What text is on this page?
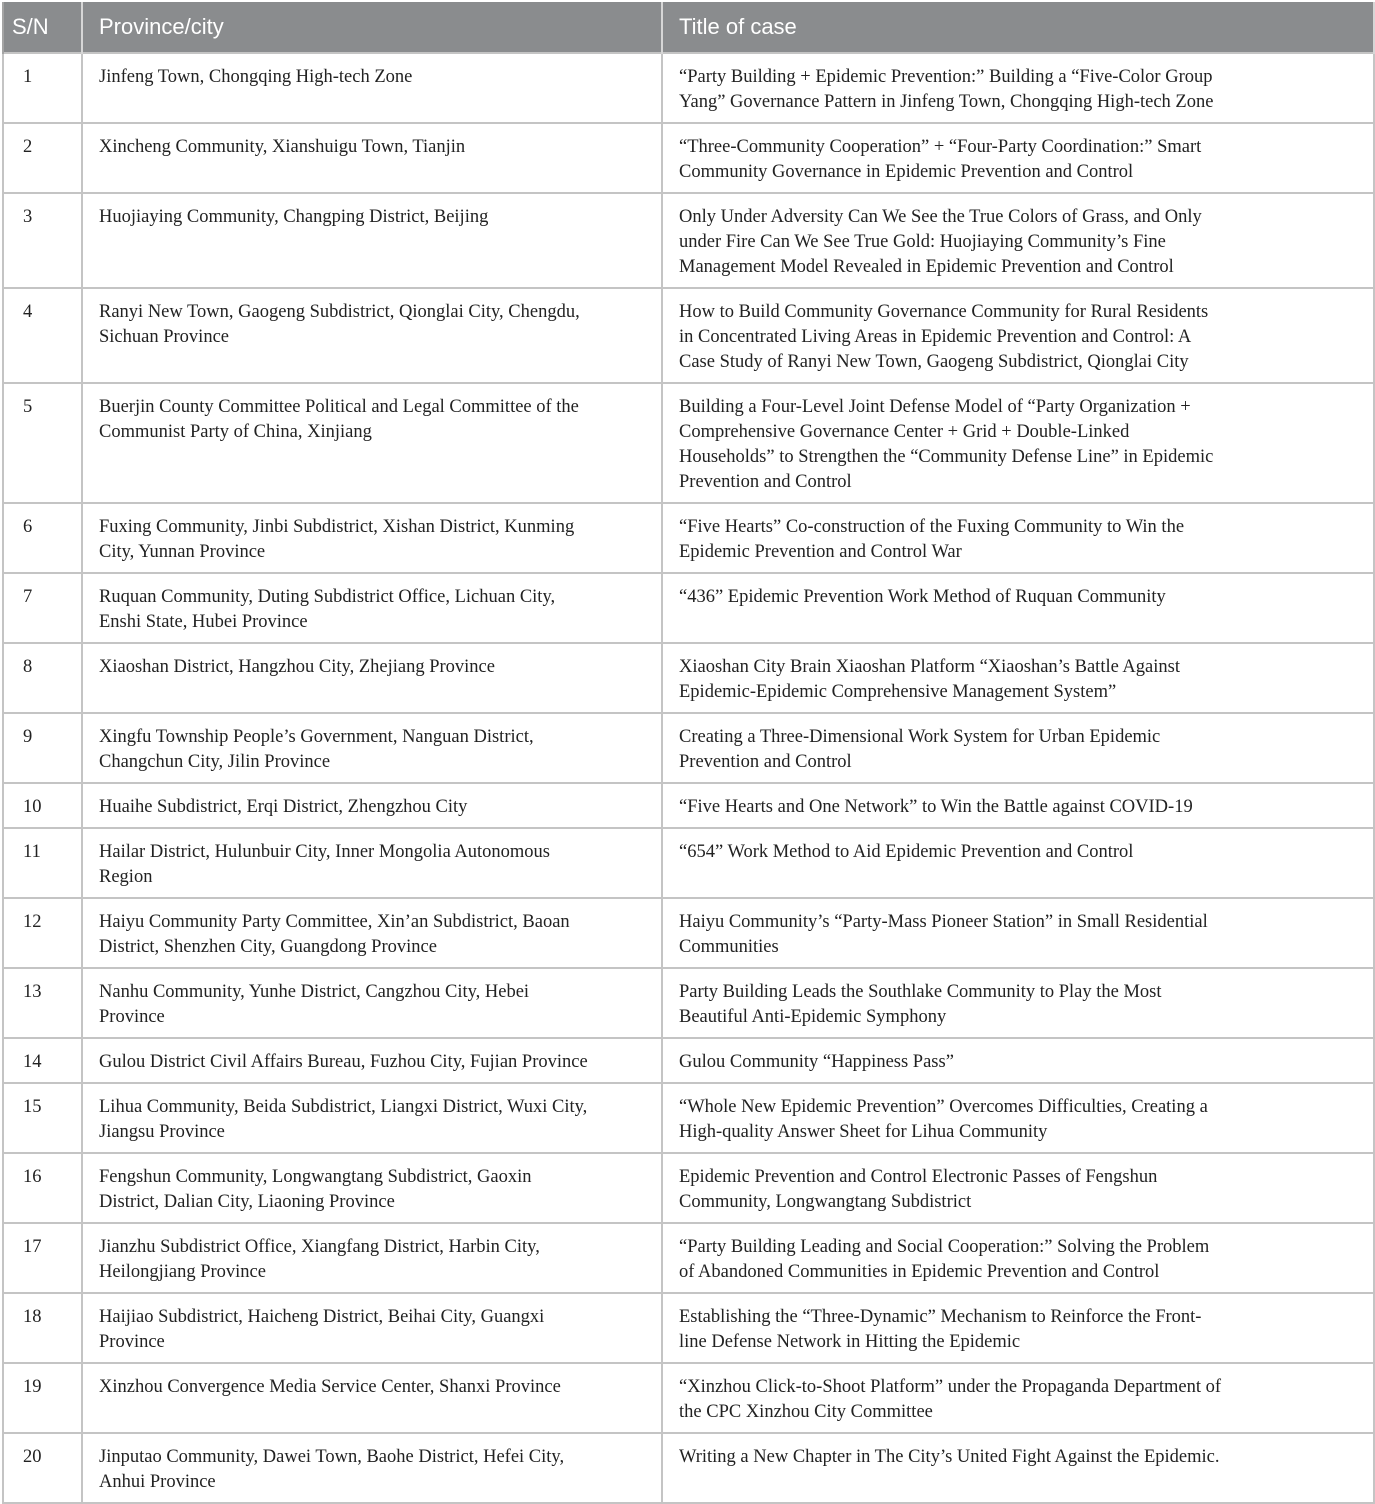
S/N	Province/city	Title of case
1	Jinfeng Town, Chongqing High-tech Zone	“Party Building + Epidemic Prevention:” Building a “Five-Color Group Yang” Governance Pattern in Jinfeng Town, Chongqing High-tech Zone

2	Xincheng Community, Xianshuigu Town, Tianjin	“Three-Community Cooperation” + “Four-Party Coordination:” Smart Community Governance in Epidemic Prevention and Control

3	Huojiaying Community, Changping District, Beijing	Only Under Adversity Can We See the True Colors of Grass, and Only under Fire Can We See True Gold: Huojiaying Community’s Fine Management Model Revealed in Epidemic Prevention and Control

4	Ranyi New Town, Gaogeng Subdistrict, Qionglai City, Chengdu, Sichuan Province	How to Build Community Governance Community for Rural Residents in Concentrated Living Areas in Epidemic Prevention and Control: A Case Study of Ranyi New Town, Gaogeng Subdistrict, Qionglai City

5	Buerjin County Committee Political and Legal Committee of the Communist Party of China, Xinjiang	Building a Four-Level Joint Defense Model of “Party Organization + Comprehensive Governance Center + Grid + Double-Linked Households” to Strengthen the “Community Defense Line” in Epidemic Prevention and Control

6	Fuxing Community, Jinbi Subdistrict, Xishan District, Kunming City, Yunnan Province	“Five Hearts” Co-construction of the Fuxing Community to Win the Epidemic Prevention and Control War

7	Ruquan Community, Duting Subdistrict Office, Lichuan City, Enshi State, Hubei Province	“436” Epidemic Prevention Work Method of Ruquan Community

8	Xiaoshan District, Hangzhou City, Zhejiang Province	Xiaoshan City Brain Xiaoshan Platform “Xiaoshan’s Battle Against Epidemic-Epidemic Comprehensive Management System”

9	Xingfu Township People’s Government, Nanguan District, Changchun City, Jilin Province	Creating a Three-Dimensional Work System for Urban Epidemic Prevention and Control

10	Huaihe Subdistrict, Erqi District, Zhengzhou City	“Five Hearts and One Network” to Win the Battle against COVID-19

11	Hailar District, Hulunbuir City, Inner Mongolia Autonomous Region	“654” Work Method to Aid Epidemic Prevention and Control

12	Haiyu Community Party Committee, Xin’an Subdistrict, Baoan District, Shenzhen City, Guangdong Province	Haiyu Community’s “Party-Mass Pioneer Station” in Small Residential Communities

13	Nanhu Community, Yunhe District, Cangzhou City, Hebei Province	Party Building Leads the Southlake Community to Play the Most Beautiful Anti-Epidemic Symphony

14	Gulou District Civil Affairs Bureau, Fuzhou City, Fujian Province	Gulou Community “Happiness Pass”

15	Lihua Community, Beida Subdistrict, Liangxi District, Wuxi City, Jiangsu Province	“Whole New Epidemic Prevention” Overcomes Difficulties, Creating a High-quality Answer Sheet for Lihua Community

16	Fengshun Community, Longwangtang Subdistrict, Gaoxin District, Dalian City, Liaoning Province	Epidemic Prevention and Control Electronic Passes of Fengshun Community, Longwangtang Subdistrict

17	Jianzhu Subdistrict Office, Xiangfang District, Harbin City, Heilongjiang Province	“Party Building Leading and Social Cooperation:” Solving the Problem of Abandoned Communities in Epidemic Prevention and Control

18	Haijiao Subdistrict, Haicheng District, Beihai City, Guangxi Province	Establishing the “Three-Dynamic” Mechanism to Reinforce the Front-line Defense Network in Hitting the Epidemic

19	Xinzhou Convergence Media Service Center, Shanxi Province	“Xinzhou Click-to-Shoot Platform” under the Propaganda Department of the CPC Xinzhou City Committee

20	Jinputao Community, Dawei Town, Baohe District, Hefei City, Anhui Province	Writing a New Chapter in The City’s United Fight Against the Epidemic.
